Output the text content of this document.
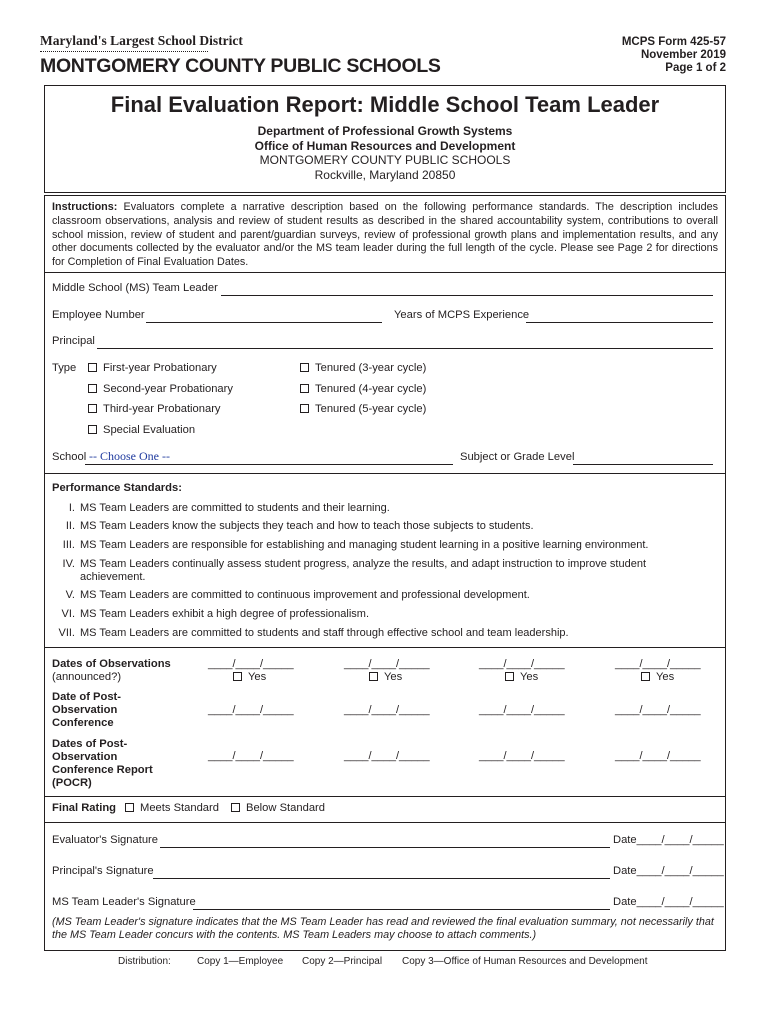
Maryland's Largest School District
MONTGOMERY COUNTY PUBLIC SCHOOLS
MCPS Form 425-57
November 2019
Page 1 of 2
Final Evaluation Report: Middle School Team Leader
Department of Professional Growth Systems
Office of Human Resources and Development
MONTGOMERY COUNTY PUBLIC SCHOOLS
Rockville, Maryland 20850
Instructions: Evaluators complete a narrative description based on the following performance standards. The description includes classroom observations, analysis and review of student results as described in the shared accountability system, contributions to overall school mission, review of student and parent/guardian surveys, review of professional growth plans and implementation results, and any other documents collected by the evaluator and/or the MS team leader during the full length of the cycle. Please see Page 2 for directions for Completion of Final Evaluation Dates.
Middle School (MS) Team Leader
Employee Number	Years of MCPS Experience
Principal
Type	First-year Probationary
Second-year Probationary
Third-year Probationary
Special Evaluation
Tenured (3-year cycle)
Tenured (4-year cycle)
Tenured (5-year cycle)
School -- Choose One --	Subject or Grade Level
Performance Standards:
I. MS Team Leaders are committed to students and their learning.
II. MS Team Leaders know the subjects they teach and how to teach those subjects to students.
III. MS Team Leaders are responsible for establishing and managing student learning in a positive learning environment.
IV. MS Team Leaders continually assess student progress, analyze the results, and adapt instruction to improve student
achievement.
V. MS Team Leaders are committed to continuous improvement and professional development.
VI. MS Team Leaders exhibit a high degree of professionalism.
VII. MS Team Leaders are committed to students and staff through effective school and team leadership.
Dates of Observations
(announced?)
____/____/_____	____/____/_____	____/____/_____	____/____/_____
Yes	Yes	Yes	Yes
Date of Post-
Observation
Conference
____/____/_____	____/____/_____	____/____/_____	____/____/_____
Dates of Post-
Observation
Conference Report
(POCR)
____/____/_____	____/____/_____	____/____/_____	____/____/_____
Final Rating	Meets Standard	Below Standard
Evaluator's Signature	Date____/____/_____
Principal's Signature	Date____/____/_____
MS Team Leader's Signature	Date____/____/_____
(MS Team Leader's signature indicates that the MS Team Leader has read and reviewed the final evaluation summary, not necessarily that the MS Team Leader concurs with the contents. MS Team Leaders may choose to attach comments.)
Distribution:	Copy 1—Employee Copy 2—Principal Copy 3—Office of Human Resources and Development
